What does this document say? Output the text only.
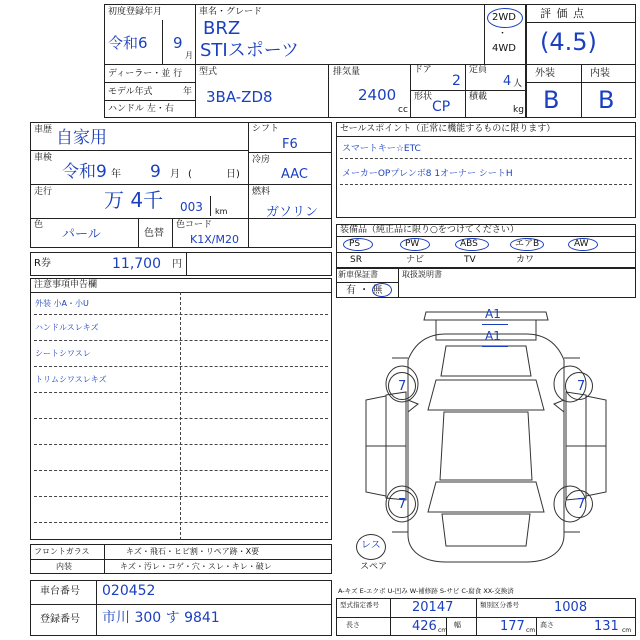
初度登録年月
令和6 9
月
車名・グレード
BRZ
STIスポーツ
2WD
・
4WD
ディーラー・並 行
モデル年式	年
ハンドル 左・右
型式
3BA-ZD8
排気量
2400
cc
ドア
2
形状
CP
定員
4 人
積載
kg
評 価 点
(4.5)
外装	内装
B B
車歴 自家用
車検
令和9 年 9 月 (	日)
走行	万 4千 003 km
色
パール	色替
色コード
K1X/M20
シフト
F6
冷房
AAC
燃料
ガソリン
R券	11,700 円
セールスポイント（正常に機能するものに限ります）
スマートキー☆ETC
メーカーOPプレンボ8 1オーナー シートH
装備品（純正品に限り○をつけてください）
PS	PW	ABS	エアB	AW
SR	ナビ	TV	カワ
新車保証書
有 ・ 無
取扱説明書
注意事項申告欄
外装 小A・小U
ハンドルスレキズ
シートシワスレ
トリムシワスレキズ
A1
A1
7	7
7	7
レス
スペア
フロントガラス	キズ・飛石・ヒビ割・リペア跡・X要
内装	キズ・汚レ・コゲ・穴・スレ・キレ・破レ
車台番号 020452
登録番号 市川 300 す 9841
A-キズ E-エクボ U-凹み W-補修跡 S-サビ C-腐食 XX-交換済
型式指定番号	20147	類別区分番号	1008
長さ	426 cm
幅	177 cm
高さ	131 cm
